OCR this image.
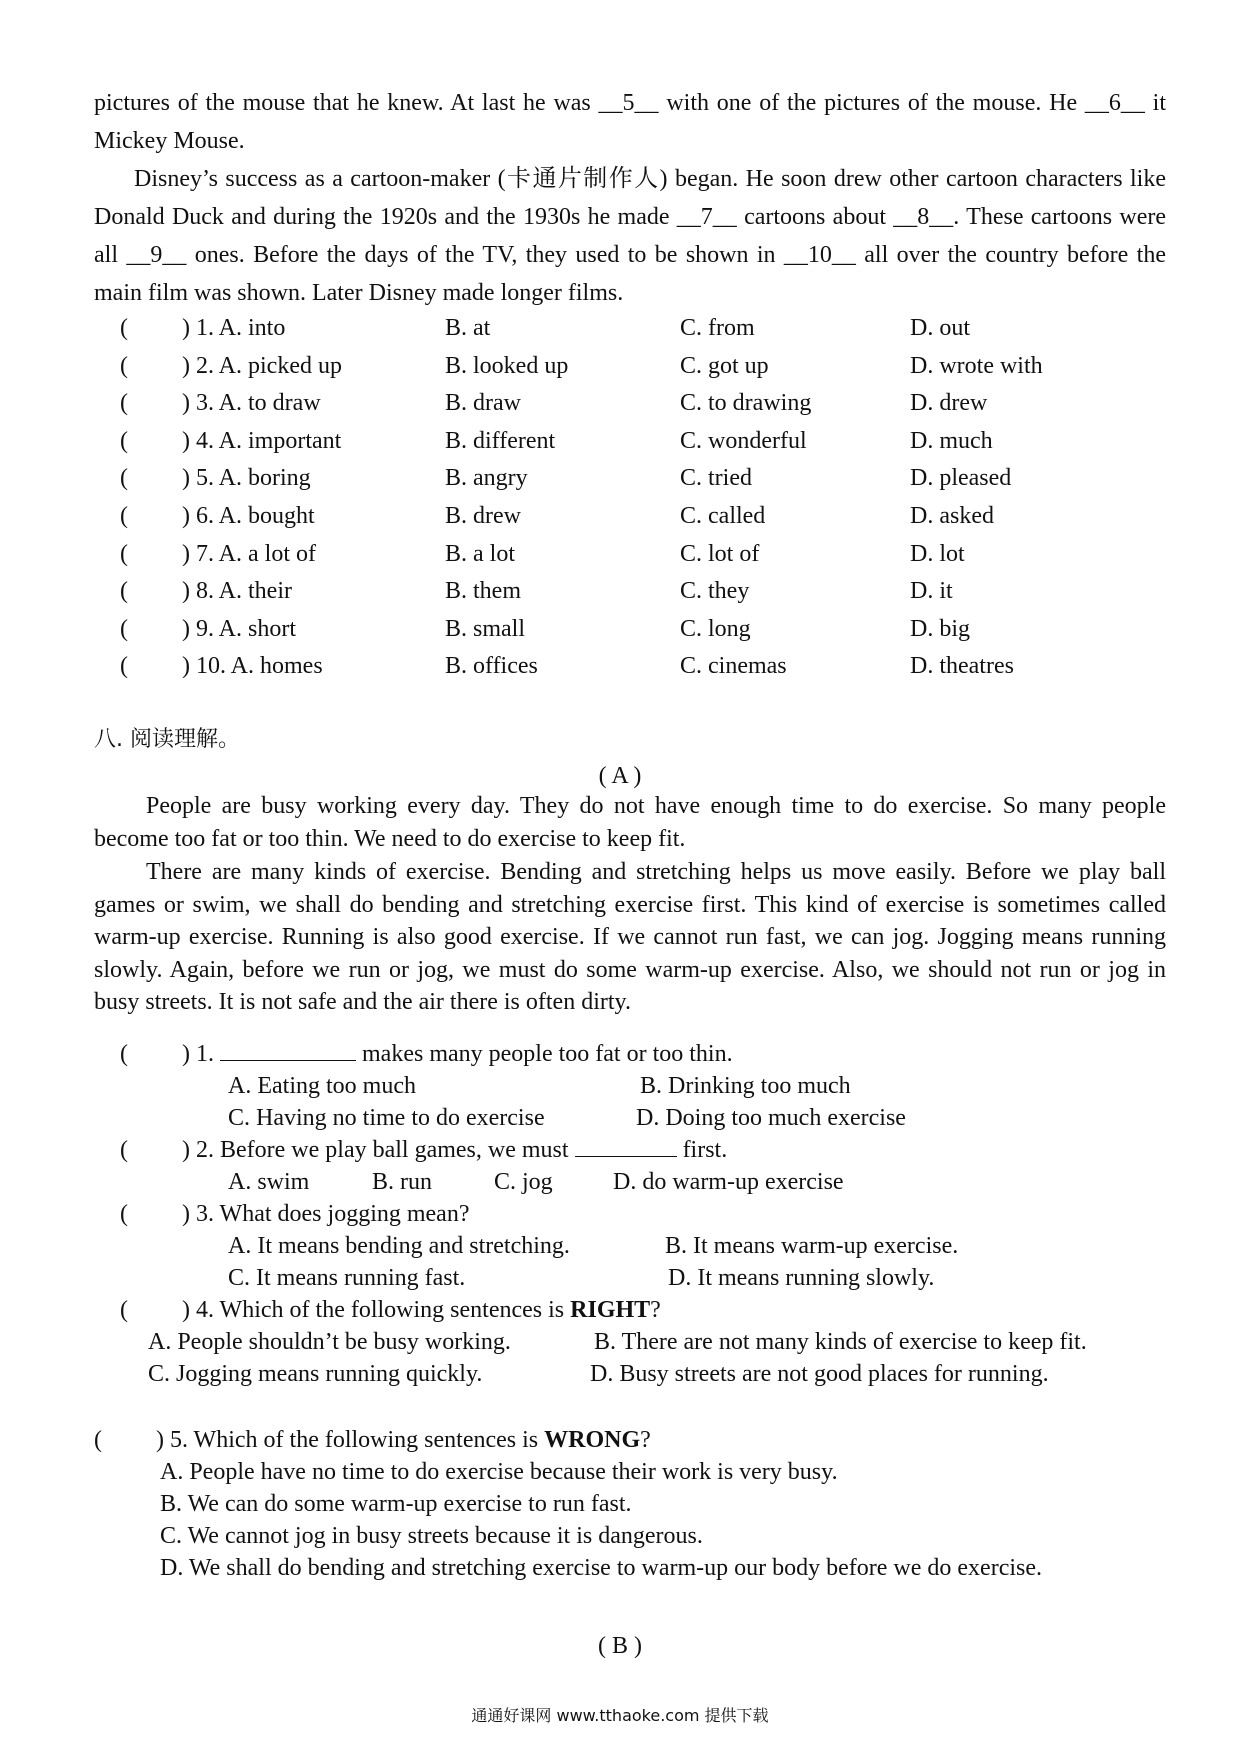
pictures of the mouse that he knew. At last he was __5__ with one of the pictures of the mouse. He __6__ it Mickey Mouse.

Disney’s success as a cartoon-maker (卡通片制作人) began. He soon drew other cartoon characters like Donald Duck and during the 1920s and the 1930s he made __7__ cartoons about __8__. These cartoons were all __9__ ones. Before the days of the TV, they used to be shown in __10__ all over the country before the main film was shown. Later Disney made longer films.

( ) 1. A. into	B. at	C. from	D. out
( ) 2. A. picked up	B. looked up	C. got up	D. wrote with
( ) 3. A. to draw	B. draw	C. to drawing	D. drew
( ) 4. A. important	B. different	C. wonderful	D. much
( ) 5. A. boring	B. angry	C. tried	D. pleased
( ) 6. A. bought	B. drew	C. called	D. asked
( ) 7. A. a lot of	B. a lot	C. lot of	D. lot
( ) 8. A. their	B. them	C. they	D. it
( ) 9. A. short	B. small	C. long	D. big
( ) 10. A. homes	B. offices	C. cinemas	D. theatres
八. 阅读理解。
( A )

People are busy working every day. They do not have enough time to do exercise. So many people become too fat or too thin. We need to do exercise to keep fit.

There are many kinds of exercise. Bending and stretching helps us move easily. Before we play ball games or swim, we shall do bending and stretching exercise first. This kind of exercise is sometimes called warm-up exercise. Running is also good exercise. If we cannot run fast, we can jog. Jogging means running slowly. Again, before we run or jog, we must do some warm-up exercise. Also, we should not run or jog in busy streets. It is not safe and the air there is often dirty.

( ) 1.	makes many people too fat or too thin.
A. Eating too much	B. Drinking too much
C. Having no time to do exercise	D. Doing too much exercise
( ) 2. Before we play ball games, we must	first.
A. swim	B. run	C. jog	D. do warm-up exercise
( ) 3. What does jogging mean?
A. It means bending and stretching.	B. It means warm-up exercise.
C. It means running fast.	D. It means running slowly.
( ) 4. Which of the following sentences is RIGHT?
A. People shouldn’t be busy working.	B. There are not many kinds of exercise to keep fit.
C. Jogging means running quickly.	D. Busy streets are not good places for running.
( ) 5. Which of the following sentences is WRONG?
A. People have no time to do exercise because their work is very busy.
B. We can do some warm-up exercise to run fast.
C. We cannot jog in busy streets because it is dangerous.
D. We shall do bending and stretching exercise to warm-up our body before we do exercise.
( B )
通通好课网 www.tthaoke.com 提供下载
